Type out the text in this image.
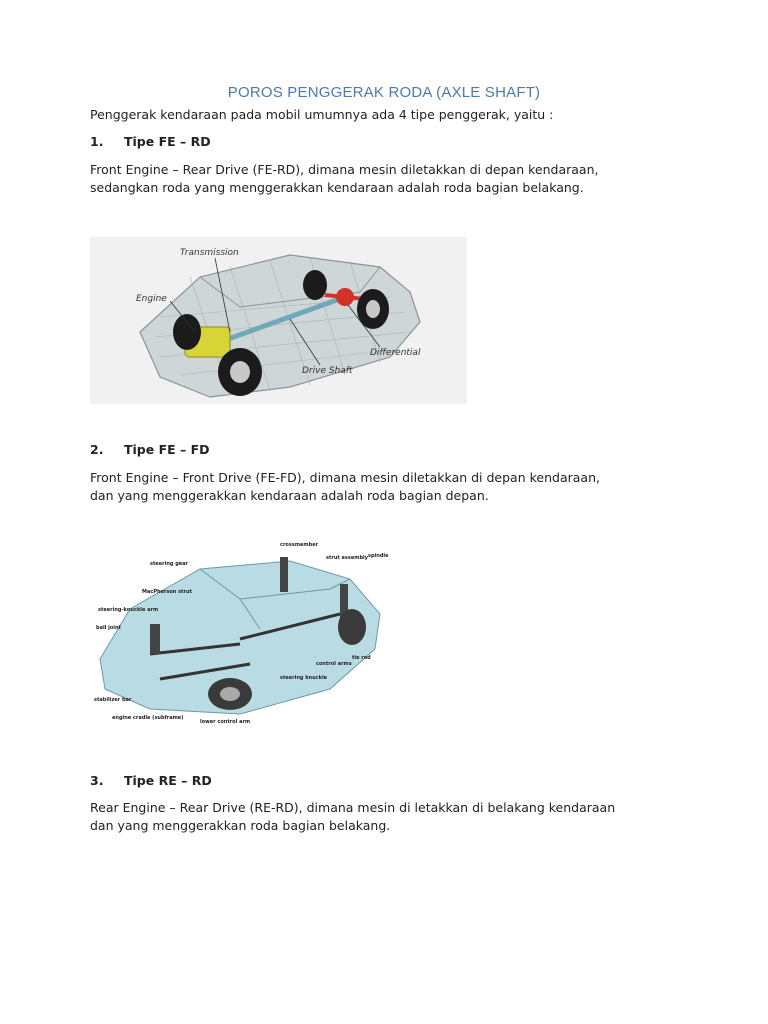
POROS PENGGERAK RODA (AXLE SHAFT)
Penggerak kendaraan pada mobil umumnya ada 4 tipe penggerak, yaitu :
1. Tipe FE – RD
Front Engine – Rear Drive (FE-RD), dimana mesin diletakkan di depan kendaraan,
sedangkan roda yang menggerakkan kendaraan adalah roda bagian belakang.
Transmission
Engine
Differential
Drive Shaft
2. Tipe FE – FD
Front Engine – Front Drive (FE-FD), dimana mesin diletakkan di depan kendaraan,
dan yang menggerakkan kendaraan adalah roda bagian depan.
crossmember
steering gear
strut assembly spindle
MacPherson strut
steering-knuckle arm
ball joint
tie rod
control arms
steering knuckle
stabilizer bar
engine cradle (subframe)
lower control arm
3. Tipe RE – RD
Rear Engine – Rear Drive (RE-RD), dimana mesin di letakkan di belakang kendaraan
dan yang menggerakkan roda bagian belakang.
